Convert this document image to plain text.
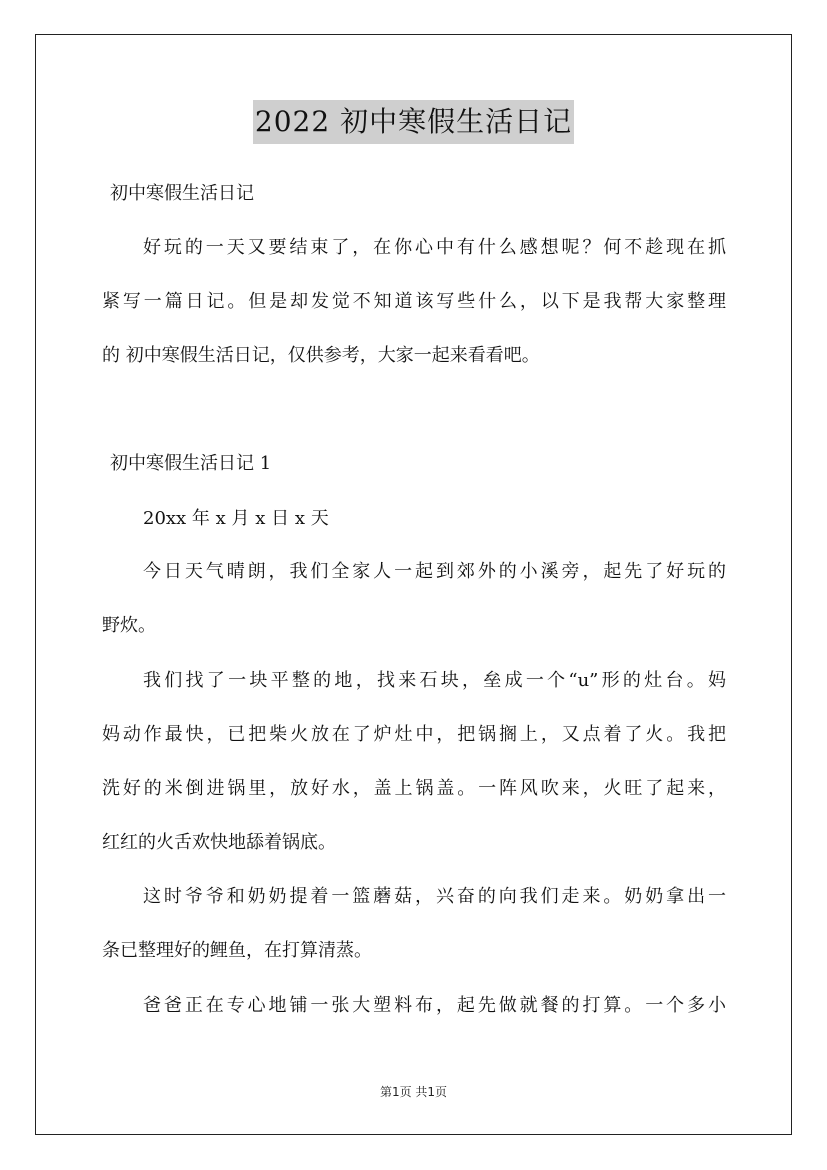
2022 初中寒假生活日记
初中寒假生活日记
好玩的一天又要结束了，在你心中有什么感想呢？何不趁现在抓
紧写一篇日记。但是却发觉不知道该写些什么，以下是我帮大家整理
的 初中寒假生活日记，仅供参考，大家一起来看看吧。
初中寒假生活日记 1
20xx 年 x 月 x 日 x 天
今日天气晴朗，我们全家人一起到郊外的小溪旁，起先了好玩的
野炊。
我们找了一块平整的地，找来石块，垒成一个“u”形的灶台。妈
妈动作最快，已把柴火放在了炉灶中，把锅搁上，又点着了火。我把
洗好的米倒进锅里，放好水，盖上锅盖。一阵风吹来，火旺了起来，
红红的火舌欢快地舔着锅底。
这时爷爷和奶奶提着一篮蘑菇，兴奋的向我们走来。奶奶拿出一
条已整理好的鲤鱼，在打算清蒸。
爸爸正在专心地铺一张大塑料布，起先做就餐的打算。一个多小
第1页 共1页
